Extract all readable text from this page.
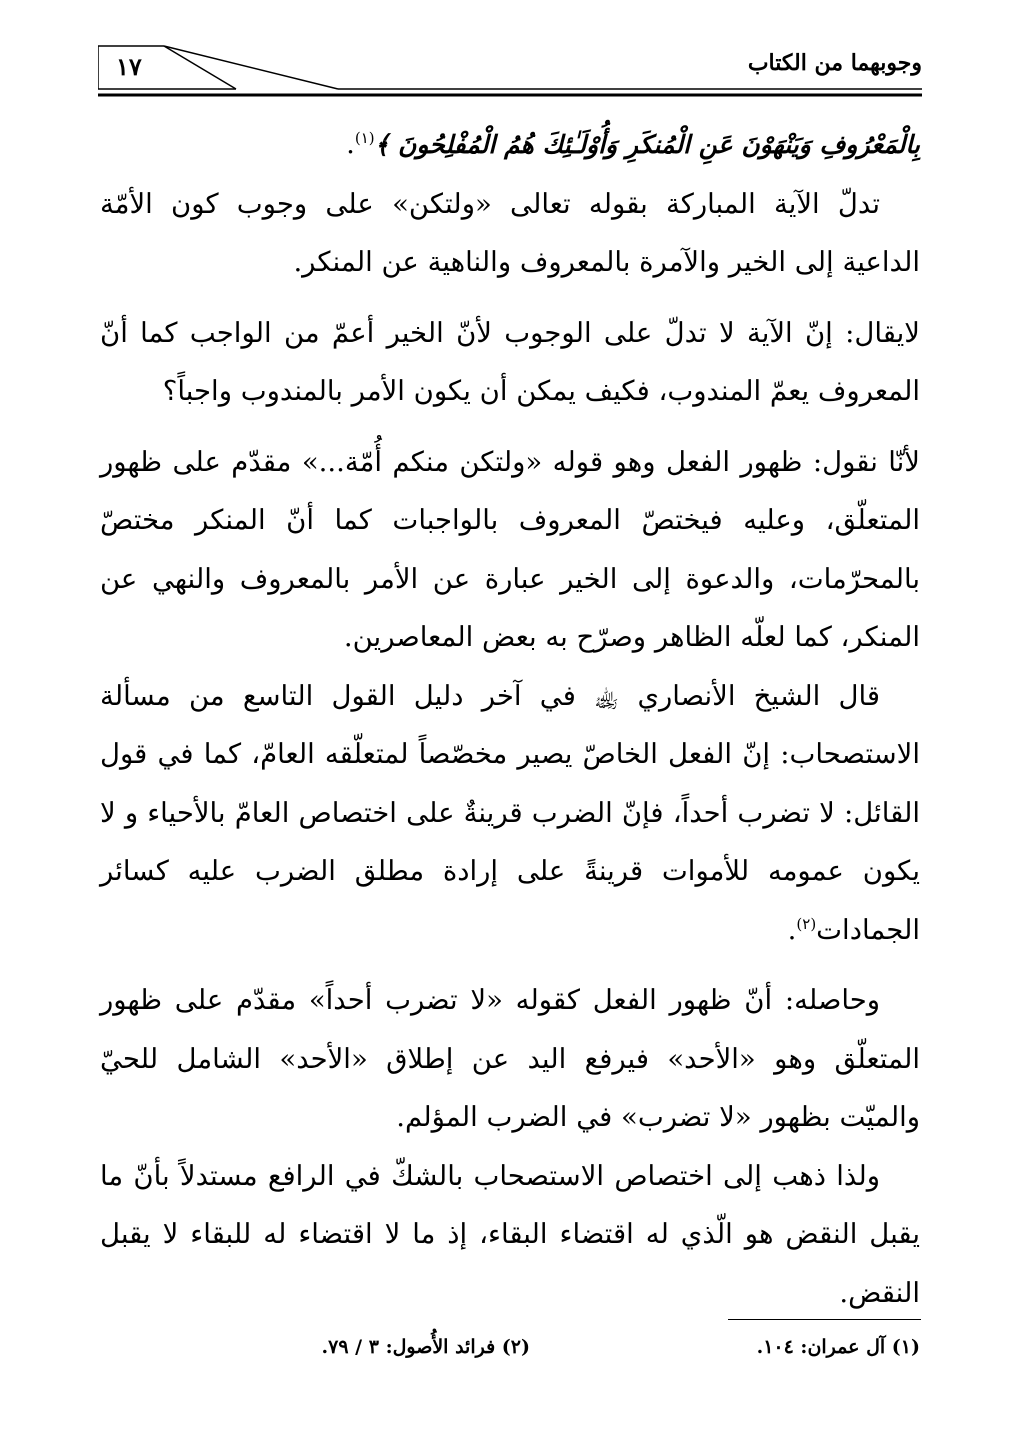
١٧	وجوبهما من الكتاب

بِالْمَعْرُوفِ وَيَنْهَوْنَ عَنِ الْمُنكَرِ وَأُوْلَـٰئِكَ هُمُ الْمُفْلِحُونَ ﴾$^{(١)}$.

تدلّ الآية المباركة بقوله تعالى «ولتكن» على وجوب كون الأمّة الداعية إلى الخير والآمرة بالمعروف والناهية عن المنكر.

لايقال: إنّ الآية لا تدلّ على الوجوب لأنّ الخير أعمّ من الواجب كما أنّ المعروف يعمّ المندوب، فكيف يمكن أن يكون الأمر بالمندوب واجباً؟

لأنّا نقول: ظهور الفعل وهو قوله «ولتكن منكم أُمّة...» مقدّم على ظهور المتعلّق، وعليه فيختصّ المعروف بالواجبات كما أنّ المنكر مختصّ بالمحرّمات، والدعوة إلى الخير عبارة عن الأمر بالمعروف والنهي عن المنكر، كما لعلّه الظاهر وصرّح به بعض المعاصرين.

قال الشيخ الأنصاري ﵀ في آخر دليل القول التاسع من مسألة الاستصحاب: إنّ الفعل الخاصّ يصير مخصّصاً لمتعلّقه العامّ، كما في قول القائل: لا تضرب أحداً، فإنّ الضرب قرينةٌ على اختصاص العامّ بالأحياء و لا يكون عمومه للأموات قرينةً على إرادة مطلق الضرب عليه كسائر الجمادات$^{(٢)}$.

وحاصله: أنّ ظهور الفعل كقوله «لا تضرب أحداً» مقدّم على ظهور المتعلّق وهو «الأحد» فيرفع اليد عن إطلاق «الأحد» الشامل للحيّ والميّت بظهور «لا تضرب» في الضرب المؤلم.

ولذا ذهب إلى اختصاص الاستصحاب بالشكّ في الرافع مستدلاً بأنّ ما يقبل النقض هو الّذي له اقتضاء البقاء، إذ ما لا اقتضاء له للبقاء لا يقبل النقض.

(١) آل عمران: ١٠٤.
(٢) فرائد الأُصول: ٣ / ٧٩.
